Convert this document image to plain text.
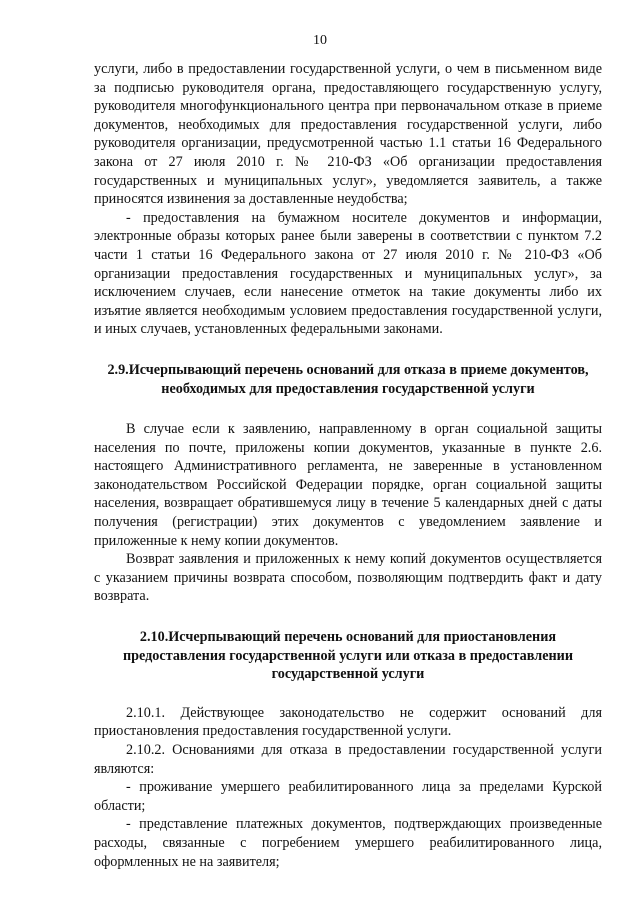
10

услуги, либо в предоставлении государственной услуги, о чем в письменном виде за подписью руководителя органа, предоставляющего государственную услугу, руководителя многофункционального центра при первоначальном отказе в приеме документов, необходимых для предоставления государственной услуги, либо руководителя организации, предусмотренной частью 1.1 статьи 16 Федерального закона от 27 июля 2010 г. № 210-ФЗ «Об организации предоставления государственных и муниципальных услуг», уведомляется заявитель, а также приносятся извинения за доставленные неудобства;

- предоставления на бумажном носителе документов и информации, электронные образы которых ранее были заверены в соответствии с пунктом 7.2 части 1 статьи 16 Федерального закона от 27 июля 2010 г. № 210-ФЗ «Об организации предоставления государственных и муниципальных услуг», за исключением случаев, если нанесение отметок на такие документы либо их изъятие является необходимым условием предоставления государственной услуги, и иных случаев, установленных федеральными законами.

2.9.Исчерпывающий перечень оснований для отказа в приеме документов, необходимых для предоставления государственной услуги

В случае если к заявлению, направленному в орган социальной защиты населения по почте, приложены копии документов, указанные в пункте 2.6. настоящего Административного регламента, не заверенные в установленном законодательством Российской Федерации порядке, орган социальной защиты населения, возвращает обратившемуся лицу в течение 5 календарных дней с даты получения (регистрации) этих документов с уведомлением заявление и приложенные к нему копии документов.

Возврат заявления и приложенных к нему копий документов осуществляется с указанием причины возврата способом, позволяющим подтвердить факт и дату возврата.

2.10.Исчерпывающий перечень оснований для приостановления предоставления государственной услуги или отказа в предоставлении государственной услуги

2.10.1. Действующее законодательство не содержит оснований для приостановления предоставления государственной услуги.

2.10.2. Основаниями для отказа в предоставлении государственной услуги являются:

- проживание умершего реабилитированного лица за пределами Курской области;

- представление платежных документов, подтверждающих произведенные расходы, связанные с погребением умершего реабилитированного лица, оформленных не на заявителя;
